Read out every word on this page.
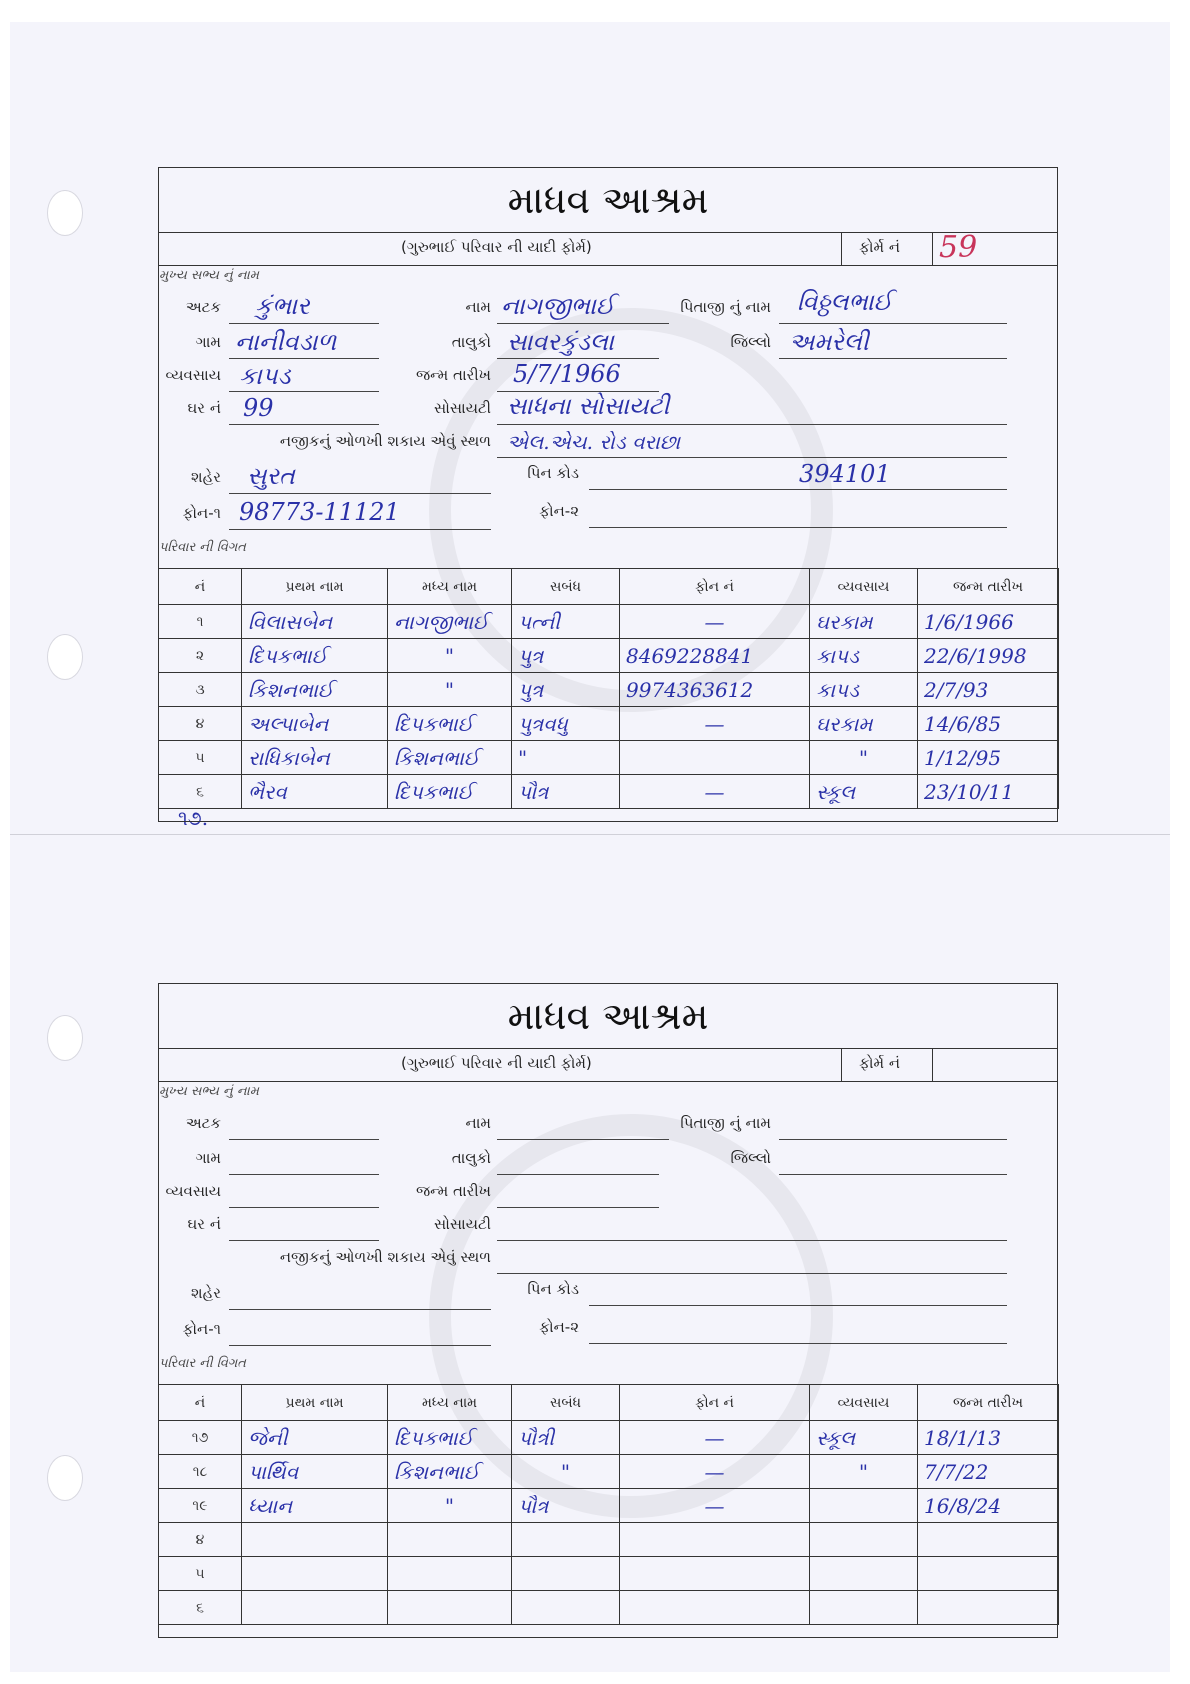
૧૭.
માધવ આશ્રમ
(ગુરુભાઈ પરિવાર ની યાદી ફોર્મ)	ફોર્મ નં 59
મુખ્ય સભ્ય નું નામ
અટક કુંભાર	નામ નાગજીભાઈ	પિતાજી નું નામ વિઠ્ઠલભાઈ
ગામ નાનીવડાળ	તાલુકો સાવરકુંડલા	જિલ્લો અમરેલી
વ્યવસાય કાપડ	જન્મ તારીખ 5/7/1966
ઘર નં 99	સોસાયટી સાધના સોસાયટી
નજીકનું ઓળખી શકાય એવું સ્થળ એલ.એચ. રોડ વરાછા
શહેર સુરત	પિન કોડ	394101
ફોન-૧ 98773-11121	ફોન-૨
પરિવાર ની વિગત
નં	પ્રથમ નામ	મધ્ય નામ	સબંધ	ફોન નં	વ્યવસાય	જન્મ તારીખ
૧	વિલાસબેન	નાગજીભાઈ	પત્ની	—	ઘરકામ	1/6/1966
૨	દિપકભાઈ	"	પુત્ર	8469228841	કાપડ	22/6/1998
૩	કિશનભાઈ	"	પુત્ર	9974363612	કાપડ	2/7/93
૪	અલ્પાબેન	દિપકભાઈ	પુત્રવધુ	—	ઘરકામ	14/6/85
૫	રાધિકાબેન	કિશનભાઈ	"		"	1/12/95
૬	ભૈરવ	દિપકભાઈ	પૌત્ર	—	સ્કૂલ	23/10/11
માધવ આશ્રમ
(ગુરુભાઈ પરિવાર ની યાદી ફોર્મ)	ફોર્મ નં
મુખ્ય સભ્ય નું નામ
અટક	નામ	પિતાજી નું નામ
ગામ	તાલુકો	જિલ્લો
વ્યવસાય	જન્મ તારીખ
ઘર નં	સોસાયટી
નજીકનું ઓળખી શકાય એવું સ્થળ
શહેર	પિન કોડ
ફોન-૧	ફોન-૨
પરિવાર ની વિગત
નં	પ્રથમ નામ	મધ્ય નામ	સબંધ	ફોન નં	વ્યવસાય	જન્મ તારીખ
૧૭	જેની	દિપકભાઈ	પૌત્રી	—	સ્કૂલ	18/1/13
૧૮	પાર્થિવ	કિશનભાઈ	"	—	"	7/7/22
૧૯	ધ્યાન	"	પૌત્ર	—		16/8/24
૪						
૫						
૬						
